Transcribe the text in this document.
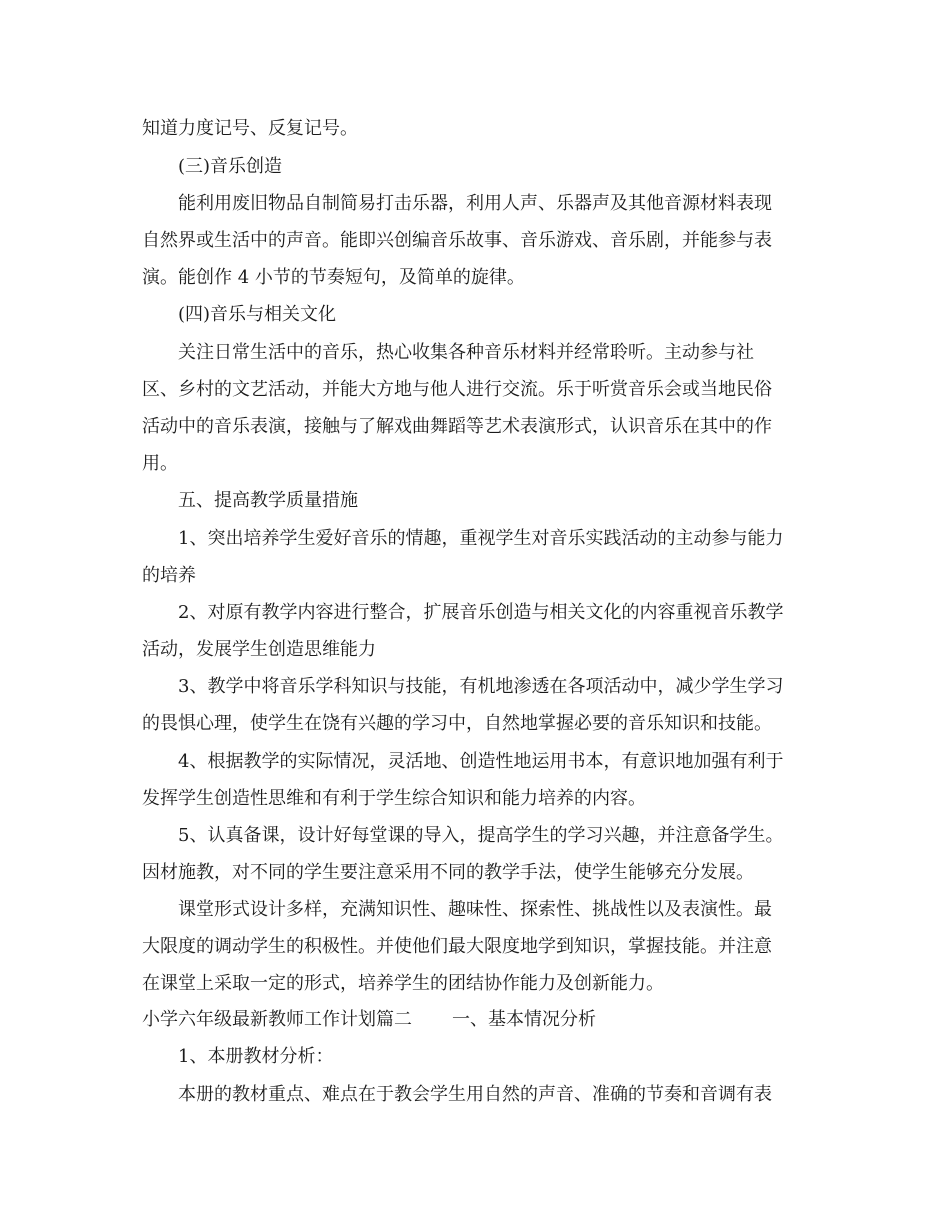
知道力度记号、反复记号。
(三)音乐创造
能利用废旧物品自制简易打击乐器，利用人声、乐器声及其他音源材料表现
自然界或生活中的声音。能即兴创编音乐故事、音乐游戏、音乐剧，并能参与表
演。能创作 4 小节的节奏短句，及简单的旋律。
(四)音乐与相关文化
关注日常生活中的音乐，热心收集各种音乐材料并经常聆听。主动参与社
区、乡村的文艺活动，并能大方地与他人进行交流。乐于听赏音乐会或当地民俗
活动中的音乐表演，接触与了解戏曲舞蹈等艺术表演形式，认识音乐在其中的作
用。
五、提高教学质量措施
1、突出培养学生爱好音乐的情趣，重视学生对音乐实践活动的主动参与能力
的培养
2、对原有教学内容进行整合，扩展音乐创造与相关文化的内容重视音乐教学
活动，发展学生创造思维能力
3、教学中将音乐学科知识与技能，有机地渗透在各项活动中，减少学生学习
的畏惧心理，使学生在饶有兴趣的学习中，自然地掌握必要的音乐知识和技能。
4、根据教学的实际情况，灵活地、创造性地运用书本，有意识地加强有利于
发挥学生创造性思维和有利于学生综合知识和能力培养的内容。
5、认真备课，设计好每堂课的导入，提高学生的学习兴趣，并注意备学生。
因材施教，对不同的学生要注意采用不同的教学手法，使学生能够充分发展。
课堂形式设计多样，充满知识性、趣味性、探索性、挑战性以及表演性。最
大限度的调动学生的积极性。并使他们最大限度地学到知识，掌握技能。并注意
在课堂上采取一定的形式，培养学生的团结协作能力及创新能力。
小学六年级最新教师工作计划篇二 一、基本情况分析
1、本册教材分析：
本册的教材重点、难点在于教会学生用自然的声音、准确的节奏和音调有表
